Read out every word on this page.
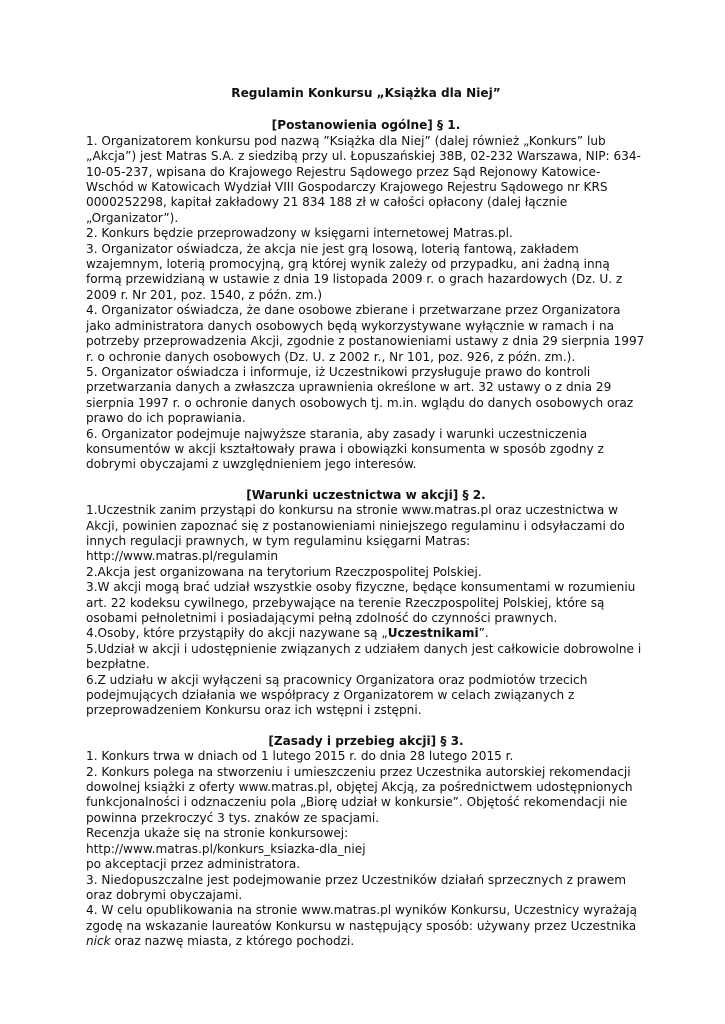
Regulamin Konkursu „Książka dla Niej”

[Postanowienia ogólne] § 1.

1. Organizatorem konkursu pod nazwą ”Książka dla Niej” (dalej również „Konkurs” lub „Akcja”) jest Matras S.A. z siedzibą przy ul. Łopuszańskiej 38B, 02-232 Warszawa, NIP: 634-10-05-237, wpisana do Krajowego Rejestru Sądowego przez Sąd Rejonowy Katowice-Wschód w Katowicach Wydział VIII Gospodarczy Krajowego Rejestru Sądowego nr KRS 0000252298, kapitał zakładowy 21 834 188 zł w całości opłacony (dalej łącznie „Organizator”).

2. Konkurs będzie przeprowadzony w księgarni internetowej Matras.pl.

3. Organizator oświadcza, że akcja nie jest grą losową, loterią fantową, zakładem wzajemnym, loterią promocyjną, grą której wynik zależy od przypadku, ani żadną inną formą przewidzianą w ustawie z dnia 19 listopada 2009 r. o grach hazardowych (Dz. U. z 2009 r. Nr 201, poz. 1540, z późn. zm.)

4. Organizator oświadcza, że dane osobowe zbierane i przetwarzane przez Organizatora jako administratora danych osobowych będą wykorzystywane wyłącznie w ramach i na potrzeby przeprowadzenia Akcji, zgodnie z postanowieniami ustawy z dnia 29 sierpnia 1997 r. o ochronie danych osobowych (Dz. U. z 2002 r., Nr 101, poz. 926, z późn. zm.).

5. Organizator oświadcza i informuje, iż Uczestnikowi przysługuje prawo do kontroli przetwarzania danych a zwłaszcza uprawnienia określone w art. 32 ustawy o z dnia 29 sierpnia 1997 r. o ochronie danych osobowych tj. m.in. wglądu do danych osobowych oraz prawo do ich poprawiania.

6. Organizator podejmuje najwyższe starania, aby zasady i warunki uczestniczenia konsumentów w akcji kształtowały prawa i obowiązki konsumenta w sposób zgodny z dobrymi obyczajami z uwzględnieniem jego interesów.

[Warunki uczestnictwa w akcji] § 2.

1.Uczestnik zanim przystąpi do konkursu na stronie www.matras.pl oraz uczestnictwa w Akcji, powinien zapoznać się z postanowieniami niniejszego regulaminu i odsyłaczami do innych regulacji prawnych, w tym regulaminu księgarni Matras: http://www.matras.pl/regulamin

2.Akcja jest organizowana na terytorium Rzeczpospolitej Polskiej.

3.W akcji mogą brać udział wszystkie osoby fizyczne, będące konsumentami w rozumieniu art. 22 kodeksu cywilnego, przebywające na terenie Rzeczpospolitej Polskiej, które są osobami pełnoletnimi i posiadającymi pełną zdolność do czynności prawnych.

4.Osoby, które przystąpiły do akcji nazywane są „Uczestnikami”.

5.Udział w akcji i udostępnienie związanych z udziałem danych jest całkowicie dobrowolne i bezpłatne.

6.Z udziału w akcji wyłączeni są pracownicy Organizatora oraz podmiotów trzecich podejmujących działania we współpracy z Organizatorem w celach związanych z przeprowadzeniem Konkursu oraz ich wstępni i zstępni.

[Zasady i przebieg akcji] § 3.

1. Konkurs trwa w dniach od 1 lutego 2015 r. do dnia 28 lutego 2015 r.

2. Konkurs polega na stworzeniu i umieszczeniu przez Uczestnika autorskiej rekomendacji dowolnej książki z oferty www.matras.pl, objętej Akcją, za pośrednictwem udostępnionych funkcjonalności i odznaczeniu pola „Biorę udział w konkursie”. Objętość rekomendacji nie powinna przekroczyć 3 tys. znaków ze spacjami.

Recenzja ukaże się na stronie konkursowej:

http://www.matras.pl/konkurs_ksiazka-dla_niej

po akceptacji przez administratora.

3. Niedopuszczalne jest podejmowanie przez Uczestników działań sprzecznych z prawem oraz dobrymi obyczajami.

4. W celu opublikowania na stronie www.matras.pl wyników Konkursu, Uczestnicy wyrażają zgodę na wskazanie laureatów Konkursu w następujący sposób: używany przez Uczestnika nick oraz nazwę miasta, z którego pochodzi.
